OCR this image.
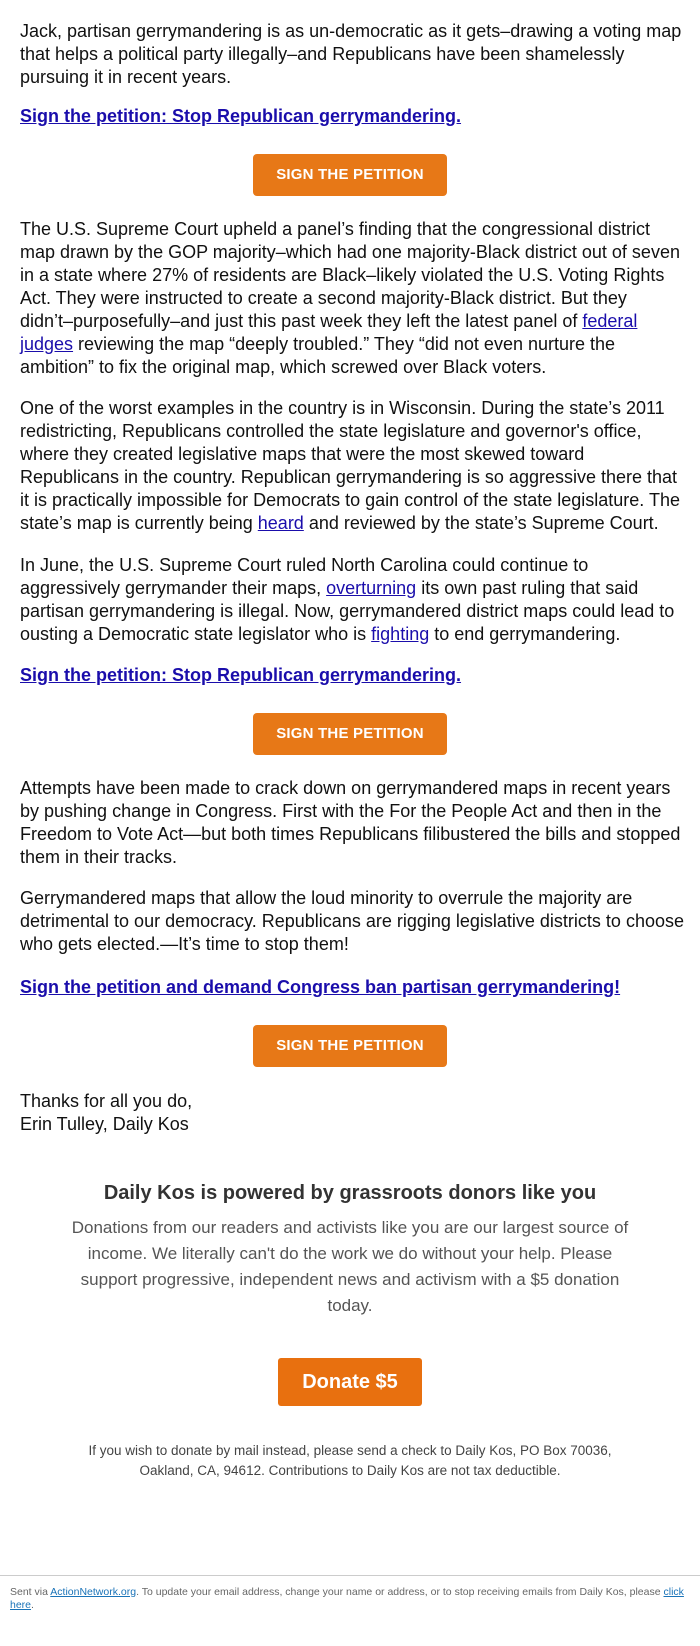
Jack, partisan gerrymandering is as un-democratic as it gets–drawing a voting map that helps a political party illegally–and Republicans have been shamelessly pursuing it in recent years.

Sign the petition: Stop Republican gerrymandering.
SIGN THE PETITION

The U.S. Supreme Court upheld a panel’s finding that the congressional district map drawn by the GOP majority–which had one majority-Black district out of seven in a state where 27% of residents are Black–likely violated the U.S. Voting Rights Act. They were instructed to create a second majority-Black district. But they didn’t–purposefully–and just this past week they left the latest panel of federal judges reviewing the map “deeply troubled.” They “did not even nurture the ambition” to fix the original map, which screwed over Black voters.

One of the worst examples in the country is in Wisconsin. During the state’s 2011 redistricting, Republicans controlled the state legislature and governor's office, where they created legislative maps that were the most skewed toward Republicans in the country. Republican gerrymandering is so aggressive there that it is practically impossible for Democrats to gain control of the state legislature. The state’s map is currently being heard and reviewed by the state’s Supreme Court.

In June, the U.S. Supreme Court ruled North Carolina could continue to aggressively gerrymander their maps, overturning its own past ruling that said partisan gerrymandering is illegal. Now, gerrymandered district maps could lead to ousting a Democratic state legislator who is fighting to end gerrymandering.

Sign the petition: Stop Republican gerrymandering.
SIGN THE PETITION

Attempts have been made to crack down on gerrymandered maps in recent years by pushing change in Congress. First with the For the People Act and then in the Freedom to Vote Act—but both times Republicans filibustered the bills and stopped them in their tracks.

Gerrymandered maps that allow the loud minority to overrule the majority are detrimental to our democracy. Republicans are rigging legislative districts to choose who gets elected.—It’s time to stop them!

Sign the petition and demand Congress ban partisan gerrymandering!
SIGN THE PETITION

Thanks for all you do,

Erin Tulley, Daily Kos

Daily Kos is powered by grassroots donors like you

Donations from our readers and activists like you are our largest source of income. We literally can't do the work we do without your help. Please support progressive, independent news and activism with a $5 donation today.

Donate $5

If you wish to donate by mail instead, please send a check to Daily Kos, PO Box 70036, Oakland, CA, 94612. Contributions to Daily Kos are not tax deductible.

Sent via ActionNetwork.org. To update your email address, change your name or address, or to stop receiving emails from Daily Kos, please click here.
